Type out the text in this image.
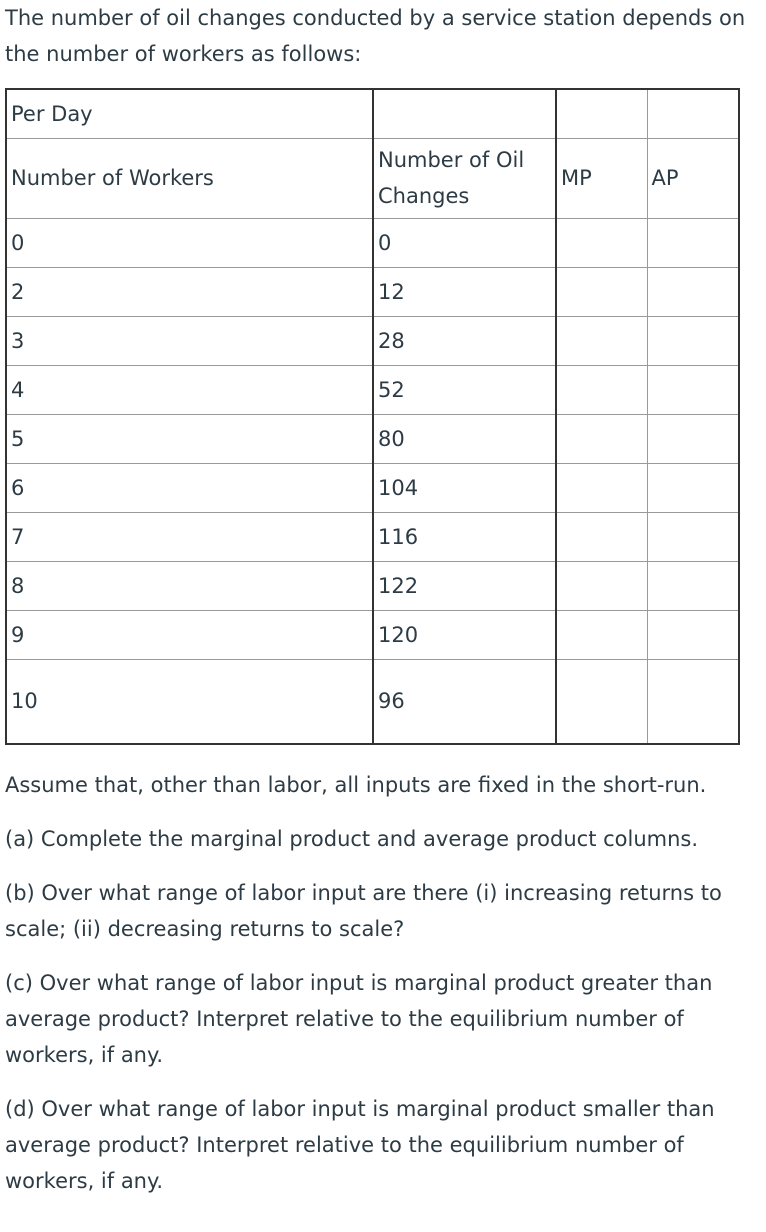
The number of oil changes conducted by a service station depends on the number of workers as follows:

Per Day			
Number of Workers	Number of Oil Changes	MP	AP
0	0		
2	12		
3	28		
4	52		
5	80		
6	104		
7	116		
8	122		
9	120		
10	96		

Assume that, other than labor, all inputs are fixed in the short-run.

(a) Complete the marginal product and average product columns.

(b) Over what range of labor input are there (i) increasing returns to scale; (ii) decreasing returns to scale?

(c) Over what range of labor input is marginal product greater than average product? Interpret relative to the equilibrium number of workers, if any.

(d) Over what range of labor input is marginal product smaller than average product? Interpret relative to the equilibrium number of workers, if any.
